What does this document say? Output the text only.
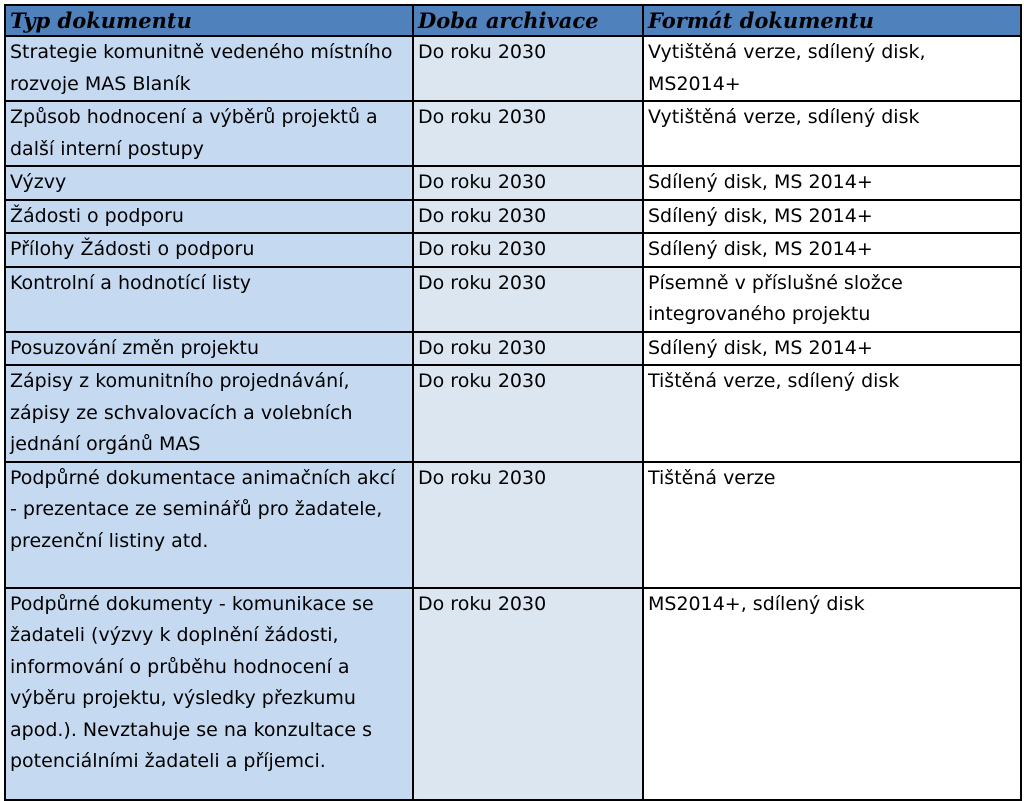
Typ dokumentu	Doba archivace	Formát dokumentu
Strategie komunitně vedeného místního rozvoje MAS Blaník	Do roku 2030	Vytištěná verze, sdílený disk, MS2014+
Způsob hodnocení a výběrů projektů a další interní postupy	Do roku 2030	Vytištěná verze, sdílený disk
Výzvy	Do roku 2030	Sdílený disk, MS 2014+
Žádosti o podporu	Do roku 2030	Sdílený disk, MS 2014+
Přílohy Žádosti o podporu	Do roku 2030	Sdílený disk, MS 2014+
Kontrolní a hodnotící listy	Do roku 2030	Písemně v příslušné složce integrovaného projektu
Posuzování změn projektu	Do roku 2030	Sdílený disk, MS 2014+
Zápisy z komunitního projednávání, zápisy ze schvalovacích a volebních jednání orgánů MAS	Do roku 2030	Tištěná verze, sdílený disk
Podpůrné dokumentace animačních akcí - prezentace ze seminářů pro žadatele, prezenční listiny atd.	Do roku 2030	Tištěná verze
Podpůrné dokumenty - komunikace se žadateli (výzvy k doplnění žádosti, informování o průběhu hodnocení a výběru projektu, výsledky přezkumu apod.). Nevztahuje se na konzultace s potenciálními žadateli a příjemci.	Do roku 2030	MS2014+, sdílený disk
